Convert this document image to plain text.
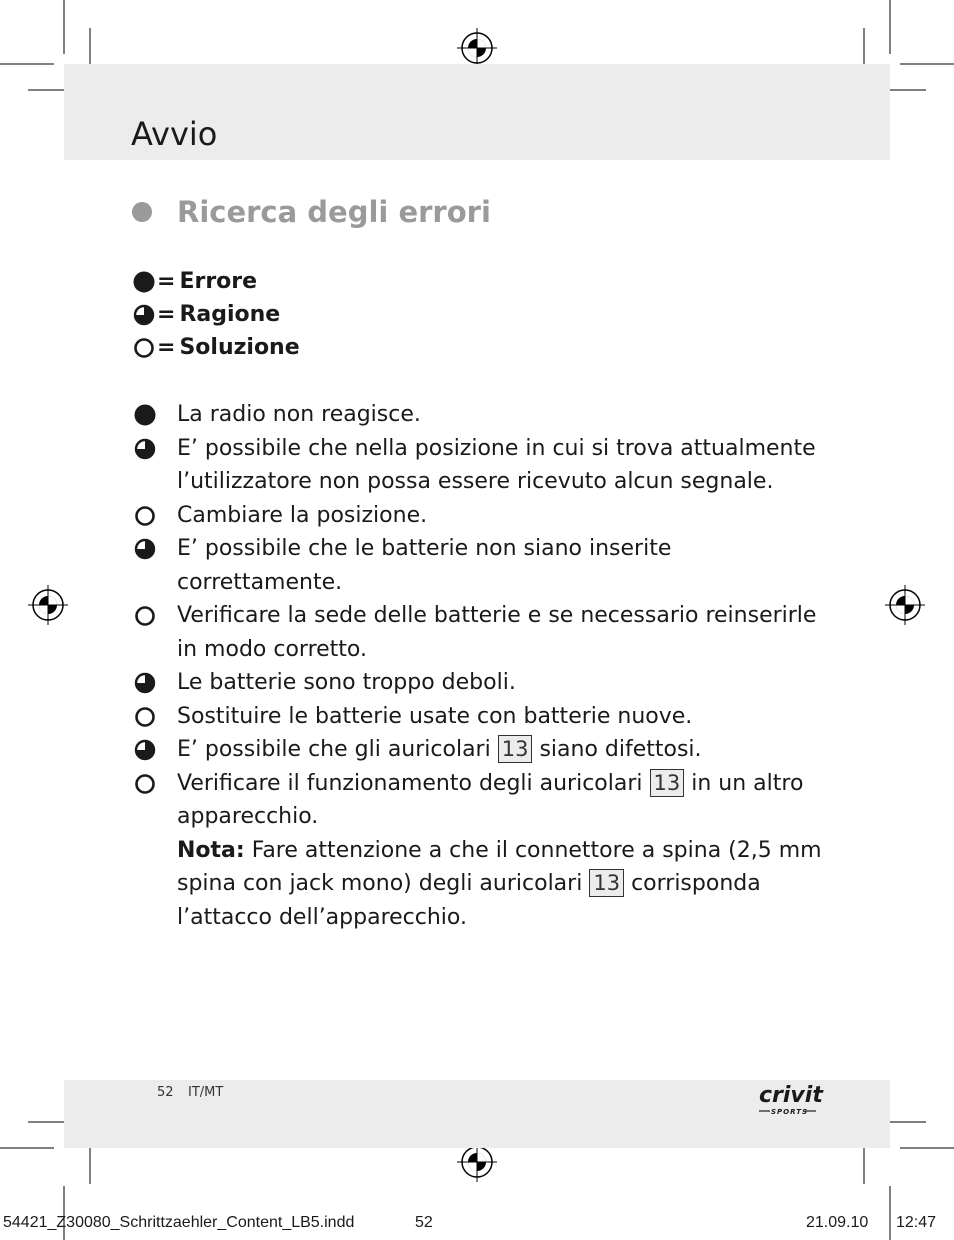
Avvio
Ricerca degli errori
= Errore
= Ragione
= Soluzione
La radio non reagisce.
E’ possibile che nella posizione in cui si trova attualmente l’utilizzatore non possa essere ricevuto alcun segnale.
Cambiare la posizione.
E’ possibile che le batterie non siano inserite correttamente.
Verificare la sede delle batterie e se necessario reinserirle in modo corretto.
Le batterie sono troppo deboli.
Sostituire le batterie usate con batterie nuove.
E’ possibile che gli auricolari 13 siano difettosi.
Verificare il funzionamento degli auricolari 13 in un altro apparecchio.
Nota: Fare attenzione a che il connettore a spina (2,5 mm spina con jack mono) degli auricolari 13 corrisponda l’attacco dell’apparecchio.
52 IT/MT	crivit
SPORTS
54421_Z30080_Schrittzaehler_Content_LB5.indd	52	21.09.10 12:47
